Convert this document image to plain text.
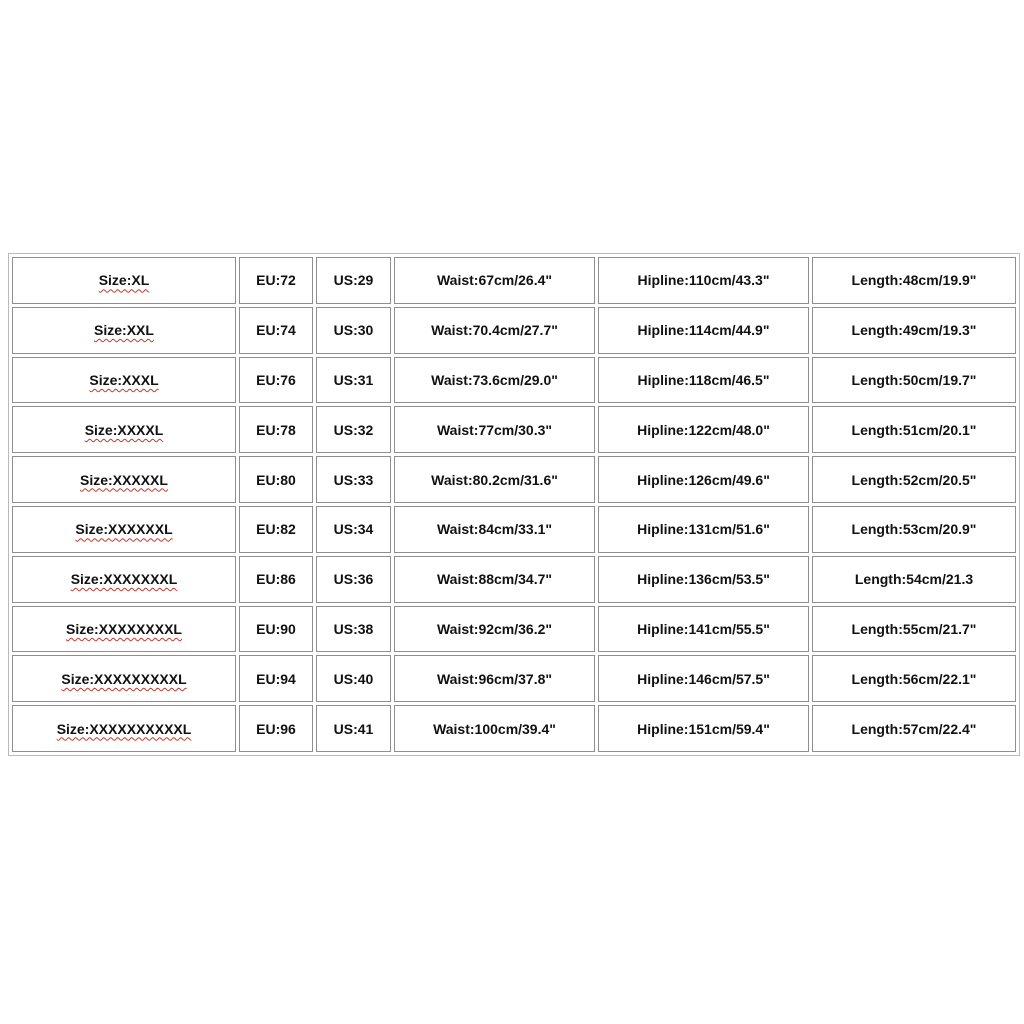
Size:XL	EU:72	US:29	Waist:67cm/26.4"	Hipline:110cm/43.3"	Length:48cm/19.9"
Size:XXL	EU:74	US:30	Waist:70.4cm/27.7"	Hipline:114cm/44.9"	Length:49cm/19.3"
Size:XXXL	EU:76	US:31	Waist:73.6cm/29.0"	Hipline:118cm/46.5"	Length:50cm/19.7"
Size:XXXXL	EU:78	US:32	Waist:77cm/30.3"	Hipline:122cm/48.0"	Length:51cm/20.1"
Size:XXXXXL	EU:80	US:33	Waist:80.2cm/31.6"	Hipline:126cm/49.6"	Length:52cm/20.5"
Size:XXXXXXL	EU:82	US:34	Waist:84cm/33.1"	Hipline:131cm/51.6"	Length:53cm/20.9"
Size:XXXXXXXL	EU:86	US:36	Waist:88cm/34.7"	Hipline:136cm/53.5"	Length:54cm/21.3
Size:XXXXXXXXL	EU:90	US:38	Waist:92cm/36.2"	Hipline:141cm/55.5"	Length:55cm/21.7"
Size:XXXXXXXXXL	EU:94	US:40	Waist:96cm/37.8"	Hipline:146cm/57.5"	Length:56cm/22.1"
Size:XXXXXXXXXXL	EU:96	US:41	Waist:100cm/39.4"	Hipline:151cm/59.4"	Length:57cm/22.4"
